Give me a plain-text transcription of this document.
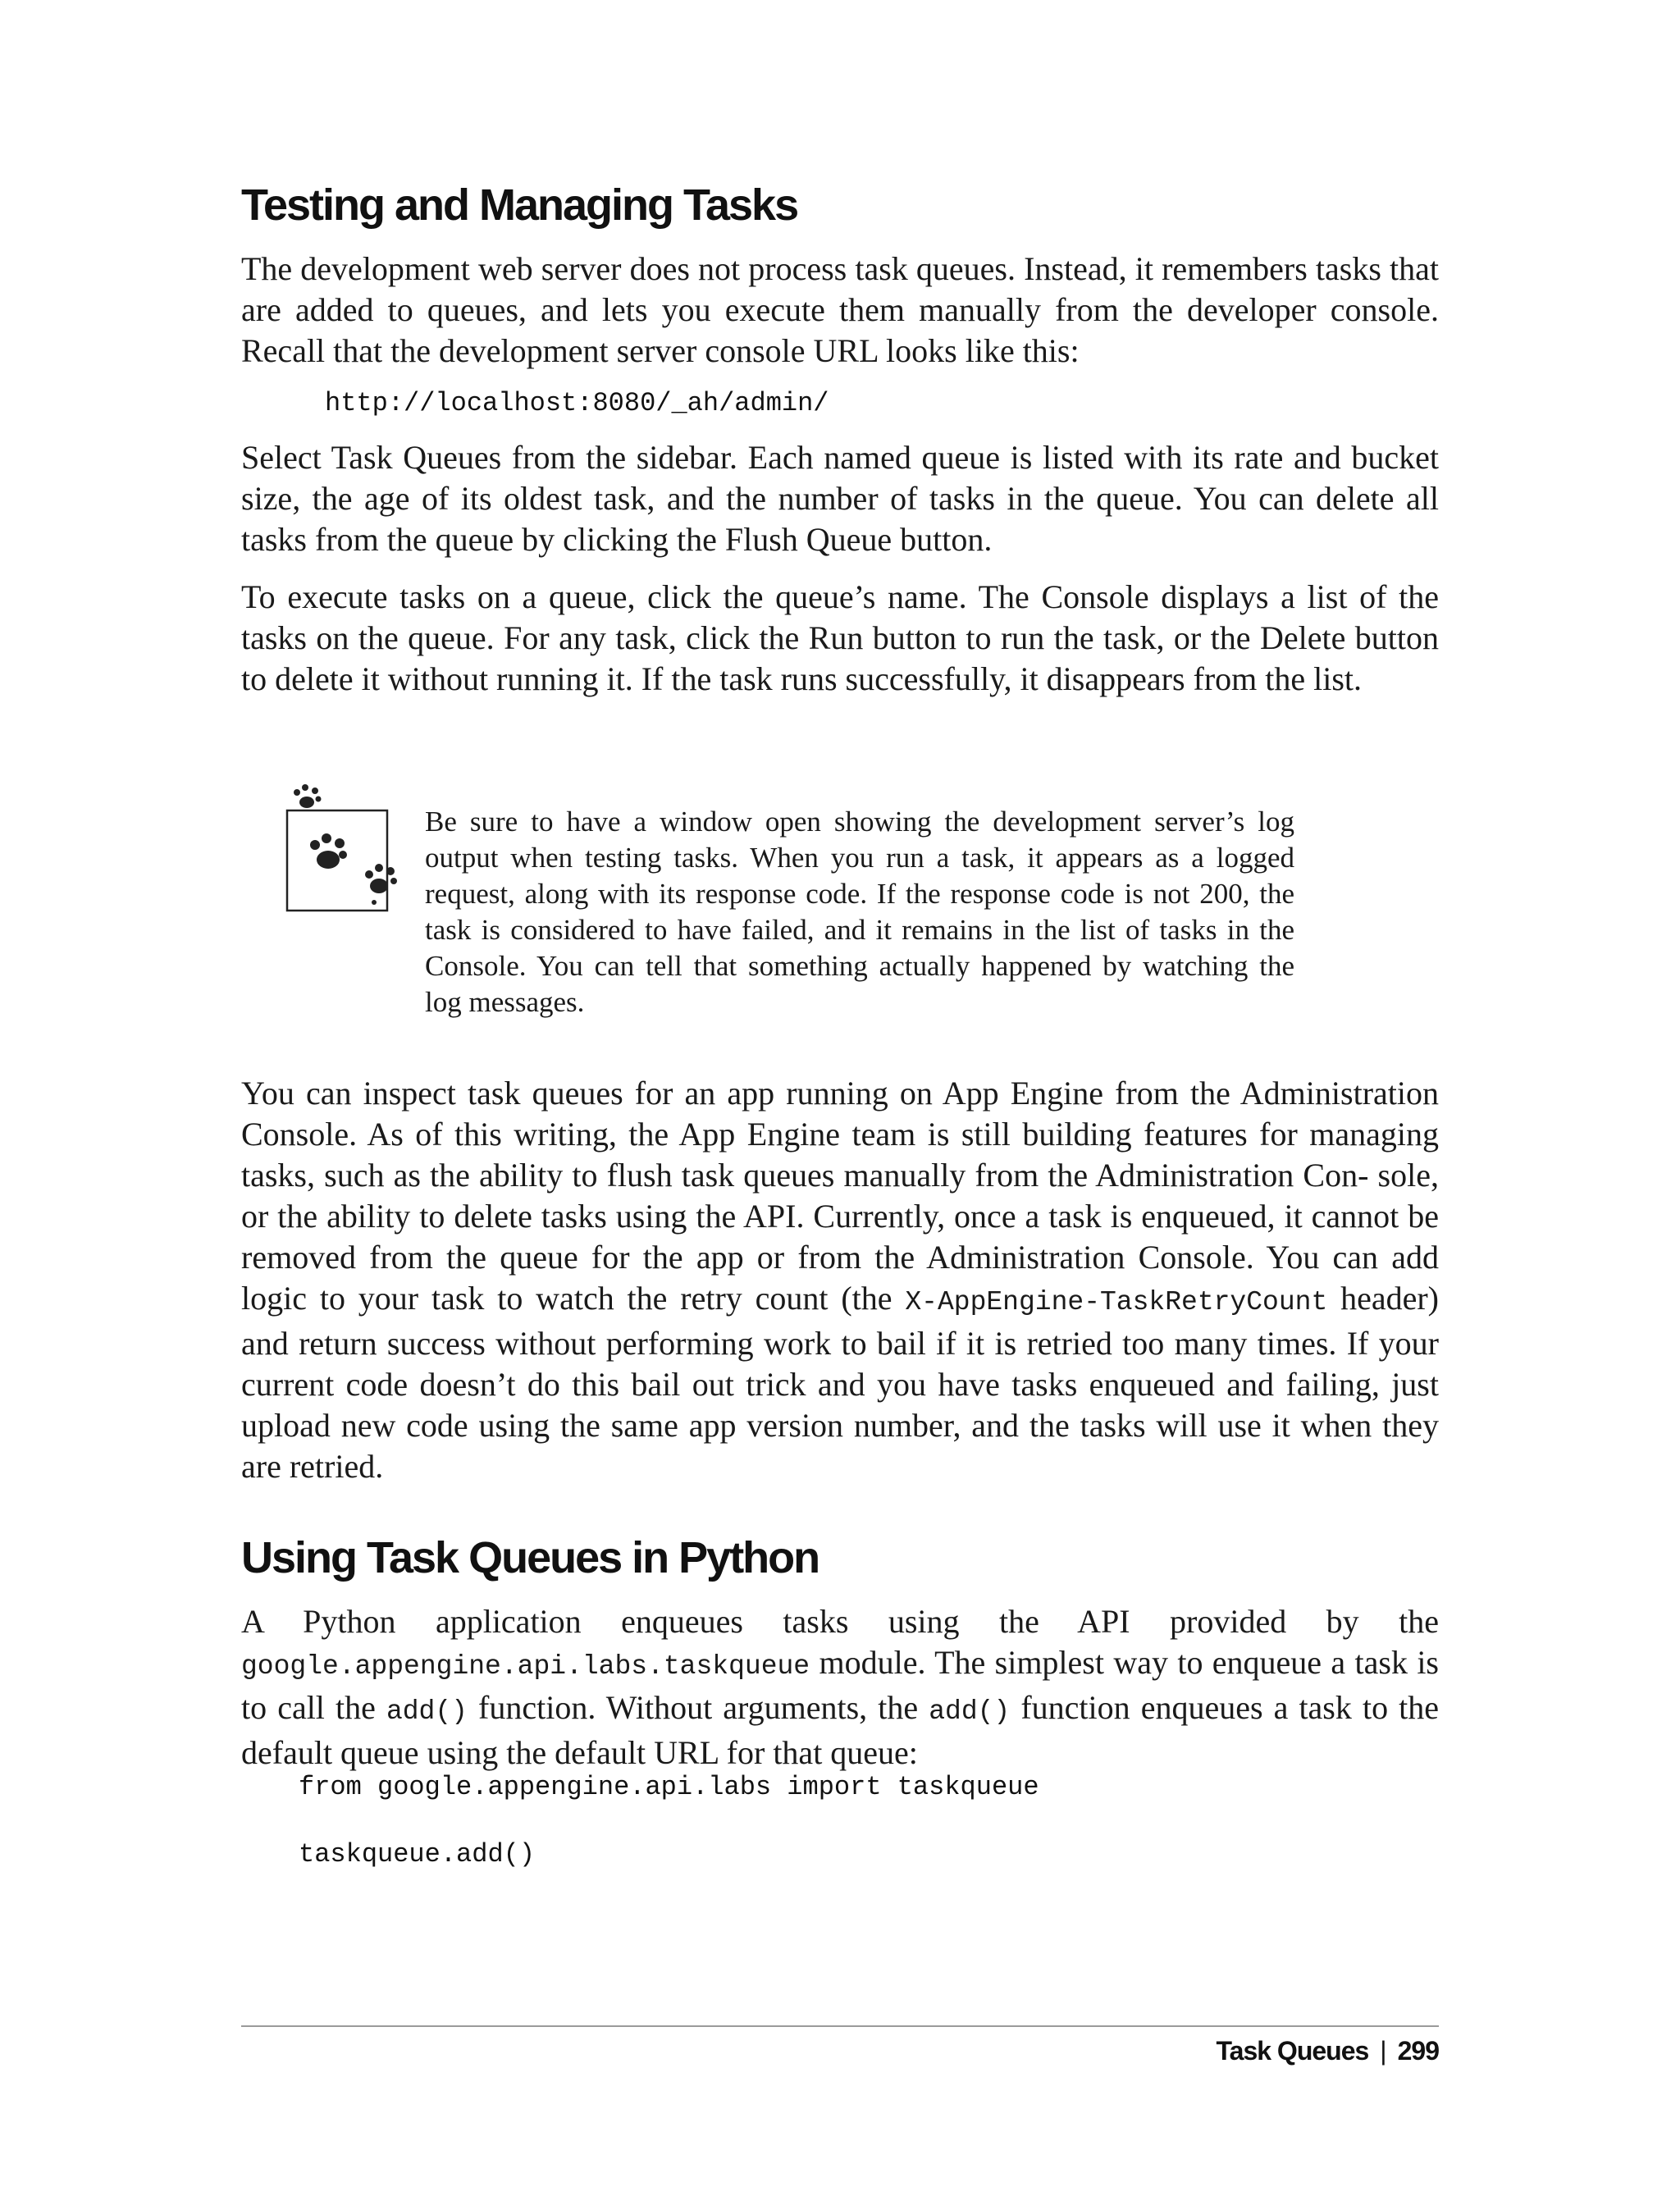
Testing and Managing Tasks

The development web server does not process task queues. Instead, it remembers tasks that are added to queues, and lets you execute them manually from the developer console. Recall that the development server console URL looks like this:

http://localhost:8080/_ah/admin/

Select Task Queues from the sidebar. Each named queue is listed with its rate and bucket size, the age of its oldest task, and the number of tasks in the queue. You can delete all tasks from the queue by clicking the Flush Queue button.

To execute tasks on a queue, click the queue’s name. The Console displays a list of the tasks on the queue. For any task, click the Run button to run the task, or the Delete button to delete it without running it. If the task runs successfully, it disappears from the list.

Be sure to have a window open showing the development server’s log output when testing tasks. When you run a task, it appears as a logged request, along with its response code. If the response code is not 200, the task is considered to have failed, and it remains in the list of tasks in the Console. You can tell that something actually happened by watching the log messages.

You can inspect task queues for an app running on App Engine from the Administration Console. As of this writing, the App Engine team is still building features for managing tasks, such as the ability to flush task queues manually from the Administration Con- sole, or the ability to delete tasks using the API. Currently, once a task is enqueued, it cannot be removed from the queue for the app or from the Administration Console. You can add logic to your task to watch the retry count (the X-AppEngine-TaskRetryCount header) and return success without performing work to bail if it is retried too many times. If your current code doesn’t do this bail out trick and you have tasks enqueued and failing, just upload new code using the same app version number, and the tasks will use it when they are retried.

Using Task Queues in Python

A Python application enqueues tasks using the API provided by the google.appengine.api.labs.taskqueue module. The simplest way to enqueue a task is to call the add() function. Without arguments, the add() function enqueues a task to the default queue using the default URL for that queue:

from google.appengine.api.labs import taskqueue
taskqueue.add()
Task Queues | 299
